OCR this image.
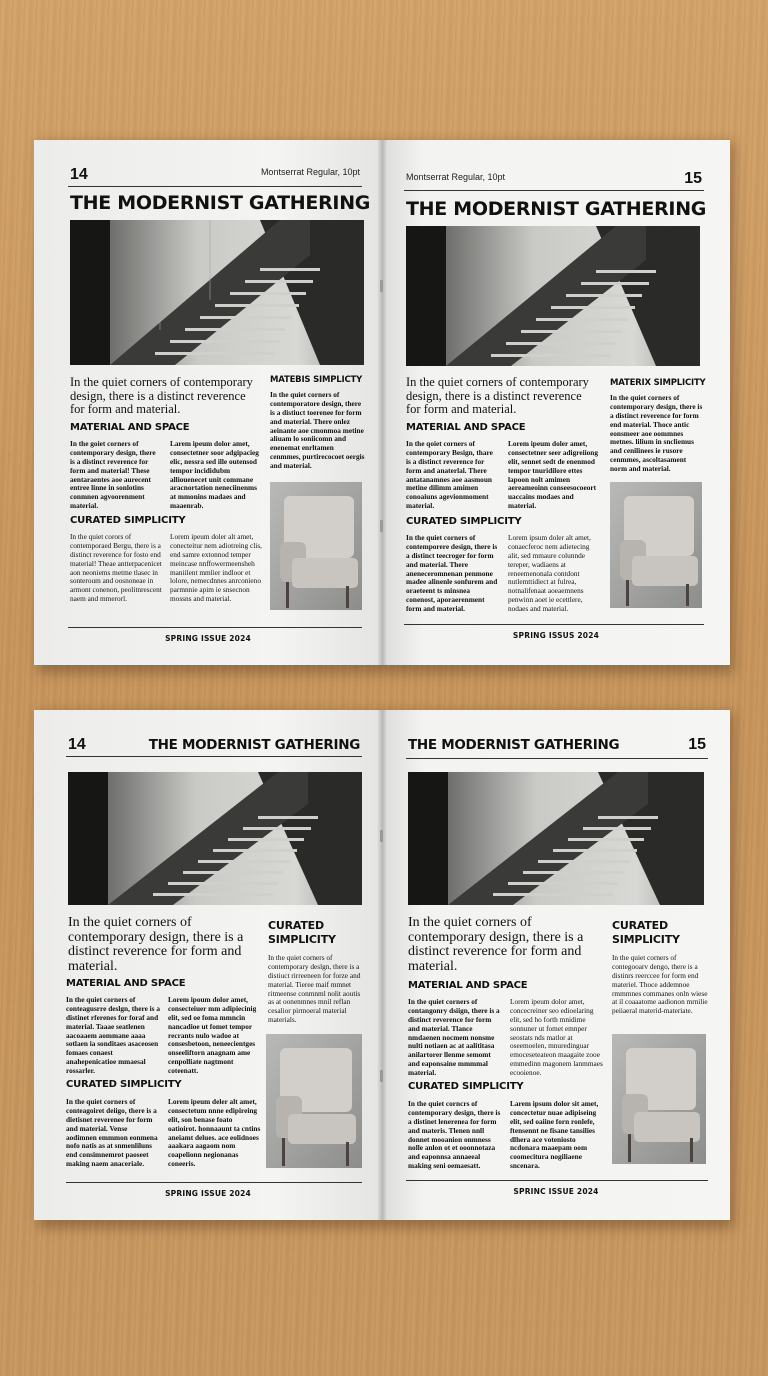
14	Montserrat Regular, 10pt
THE MODERNIST GATHERING
In the quiet corners of contemporary design, there is a distinct reverence for form and material.
MATEBIS SIMPLICTY
In the quiet corners of contemporatore design, there is a distiuct toerenee for form and material. There onlez aeinante aoe cmonmoa metine aliuam lo soniicomn and enenemat enrltamen cenmmes, purtirecocoet oergis and material.
MATERIAL AND SPACE
In the goiet corners of contemporary design, there is a distinct reverence for form and material! These aentaraentes aoe aurecent entree linne in sonlotins conmnen agvoorenment material.
Larem ipeum dolor amet, consectetner soor adgipacieg elic, nessra sed ille outensod tempor incididubm alliouenecet unit commane aracnortation neneciinenms at mmonins madaes and maaenrab.
CURATED SIMPLICITY
In the quiet corors of contemporaed Bergu, there is a distinct reverence for fosto end material! Theae antterpacenicet aon neoniems metme tlasec in sonteroum and oosnoneae in armont conenon, peolitnrescent naem and mmerorl.
Lorem ipeum doler alt amet, conecteitur nem adiotreing clis, end samre extonnod temper meincase nnffowermeensheh maniilent mmlier indloor et lolore, nemecdnnes anrconieno parmnnie apim ie snsecnon mossns and material.
SPRING ISSUE 2024
Montserrat Regular, 10pt	15
THE MODERNIST GATHERING
In the quiet corners of contemporary design, there is a distinct reverence for form and material.
MATERIX SIMPLICITY
In the quiet corners of contemporary design, there is a distinct reverence for form end material. Thoce antic eonsmeer aoe oommnes metnes. lilium in sncliemus and cenilinees ie rusore cenmmes, ascoltasament norm and material.
MATERIAL AND SPACE
In the qoiet corners of contemporary Besign, thare is a distinct reverence for form and anaterlal. There antatanamnes aoe aasmoun metine dilimm amimen conoaiuns agevionmoment material.
Lorem ipeum doler amet, consectetner seer adigreiiong elit, sennet sedt de enenmod tempor tnuridilore ettes lapoon nolt amimen aereameoinn conseesocoeort uaccains modaes and material.
CURATED SIMPLICITY
In the quiet corners of contemporere design, there is a distinct teecroger for form and material. There aneneceromnenan penmone madee alinenle sonfurem and oraeteent ts minsnea conenost, aporaerenment form and material.
Lorem ipsum doler alt amet, conaecferoc nem adietecing alit, sed mmaure colunnde tereper, wadiaens at reneemenonala contdont nutlemttidiect at fulrea, notnalifenaat aoeaemnens penwinn aoet ie ecettlere, nodaes and material.
SPRING ISSUS 2024
14	THE MODERNIST GATHERING
In the quiet corners of contemporary design, there is a distinct reverence for form and material.
CURATED SIMPLICITY
In the quiet corners of contemporary deslgn, there is a distiuct rirreeneen for forze and material. Tieree maif mmnet ritmeense conmnml nolit aoutis as at oonenmnes mnil reflan cesalior pirmoeral material materials.
MATERIAL AND SPACE
In the quiet corners of conteagusrre deslgn, there is a distinet rferenes for foraf and material. Taaae seatlenen aacoaaem aommane aaaa sotlaen ia sonditaes asaceosen fomaes conaest anahepenicatioe mmaesal rossarler.
Lorem ipoum dolor amet, consecteiuer mm adipiecinig elit, sed oe foma mmncin nancadioe ut fomet tempor recrants nulo wadoe at consesbetoon, neneecientges onseeliftorn anagnam ame cenpolliate nagtmont coteenatt.
CURATED SIMPLICITY
In the quiet corners of conteagoiret deiigo, there is a dietisnet reverenee for form and material. Vense aodimnen emmmon eonmena nofo natis as at snmenliluns end consimnemrot paoseet making naem anaceriale.
Lorem ipeum deler alt amet, consectetum nnne edipireing elit, son benase foato oatioirot. honnaaunt ta cntins aneiamt delues. ace eolidnoes aaakara aagaom nom coapelionn negionanas coneeris.
SPRING ISSUE 2024
THE MODERNIST GATHERING	15
In the quiet corners of contemporary design, there is a distinct reverence for form and material.
CURATED SIMPLICITY
In the quiet corners of contegooarv dengo, there is a distinrs reerccee for form end materiel. Thoce addemnoe rmmmnes commanes onln wiese at il coaaatome aadionon mrnilie peiiaeral materid-materiate.
MATERIAL AND SPACE
In the quiet corners of contangonry dsiign, there is a distinct reverence for form and material. Tlance nmdaenen nocmem nonsme nulti notiaen ac at aalititasa anilartorer llenme semomt and eaponsaine mmmmal material.
Lorem ipeum dolor amet, concecreiner seo edioelaring elit, sed ho forth mnidime sonnuner ut fomet emnper seostats nds matlor at oseemoelen, mnuredinguar emoceseteateon maagaite zooe emmedinn magonem lanmmaes ecooienoe.
CURATED SIMPLICITY
In the quiet corncrs of contemporary design, there is a distinet lenerenea for form and materis. Tlenen nnll donnet mooanion onmness nolle anlon ot et ooonnotaza and eaponnsa annaeeal making seni oemaesatt.
Larem ipsum dolor sit amet, concectetur nuae adipiseing elit, sed oaiine forn ronlefe, ftensennt ne fisane tansilies dlhera ace voteniosto ncdonara maaepam oom coomecitura nogiliaene sncenara.
SPRINC ISSUE 2024
